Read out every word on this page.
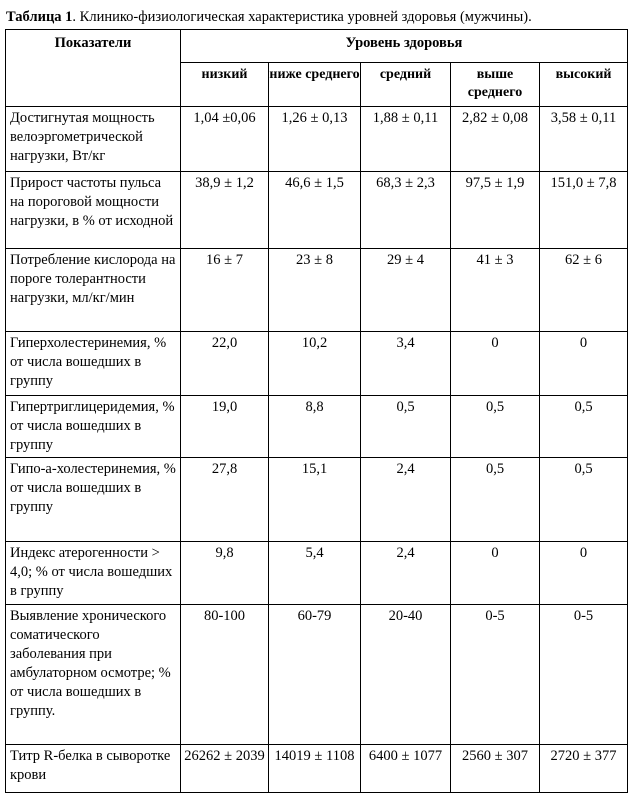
Таблица 1. Клинико-физиологическая характеристика уровней здоровья (мужчины).
Показатели	Уровень здоровья				
	низкий	ниже среднего	средний	выше среднего	высокий
Достигнутая мощность велоэргометрической нагрузки, Вт/кг	1,04 ±0,06	1,26 ± 0,13	1,88 ± 0,11	2,82 ± 0,08	3,58 ± 0,11
Прирост частоты пульса на пороговой мощности нагрузки, в % от исходной	38,9 ± 1,2	46,6 ± 1,5	68,3 ± 2,3	97,5 ± 1,9	151,0 ± 7,8
Потребление кислорода на пороге толерантности нагрузки, мл/кг/мин	16 ± 7	23 ± 8	29 ± 4	41 ± 3	62 ± 6
Гиперхолестеринемия, % от числа вошедших в группу	22,0	10,2	3,4	0	0
Гипертриглицеридемия, % от числа вошедших в группу	19,0	8,8	0,5	0,5	0,5
Гипо-а-холестеринемия, % от числа вошедших в группу	27,8	15,1	2,4	0,5	0,5
Индекс атерогенности > 4,0; % от числа вошедших в группу	9,8	5,4	2,4	0	0
Выявление хронического соматического заболевания при амбулаторном осмотре; % от числа вошедших в группу.	80-100	60-79	20-40	0-5	0-5
Титр R-белка в сыворотке крови	26262 ± 2039	14019 ± 1108	6400 ± 1077	2560 ± 307	2720 ± 377
